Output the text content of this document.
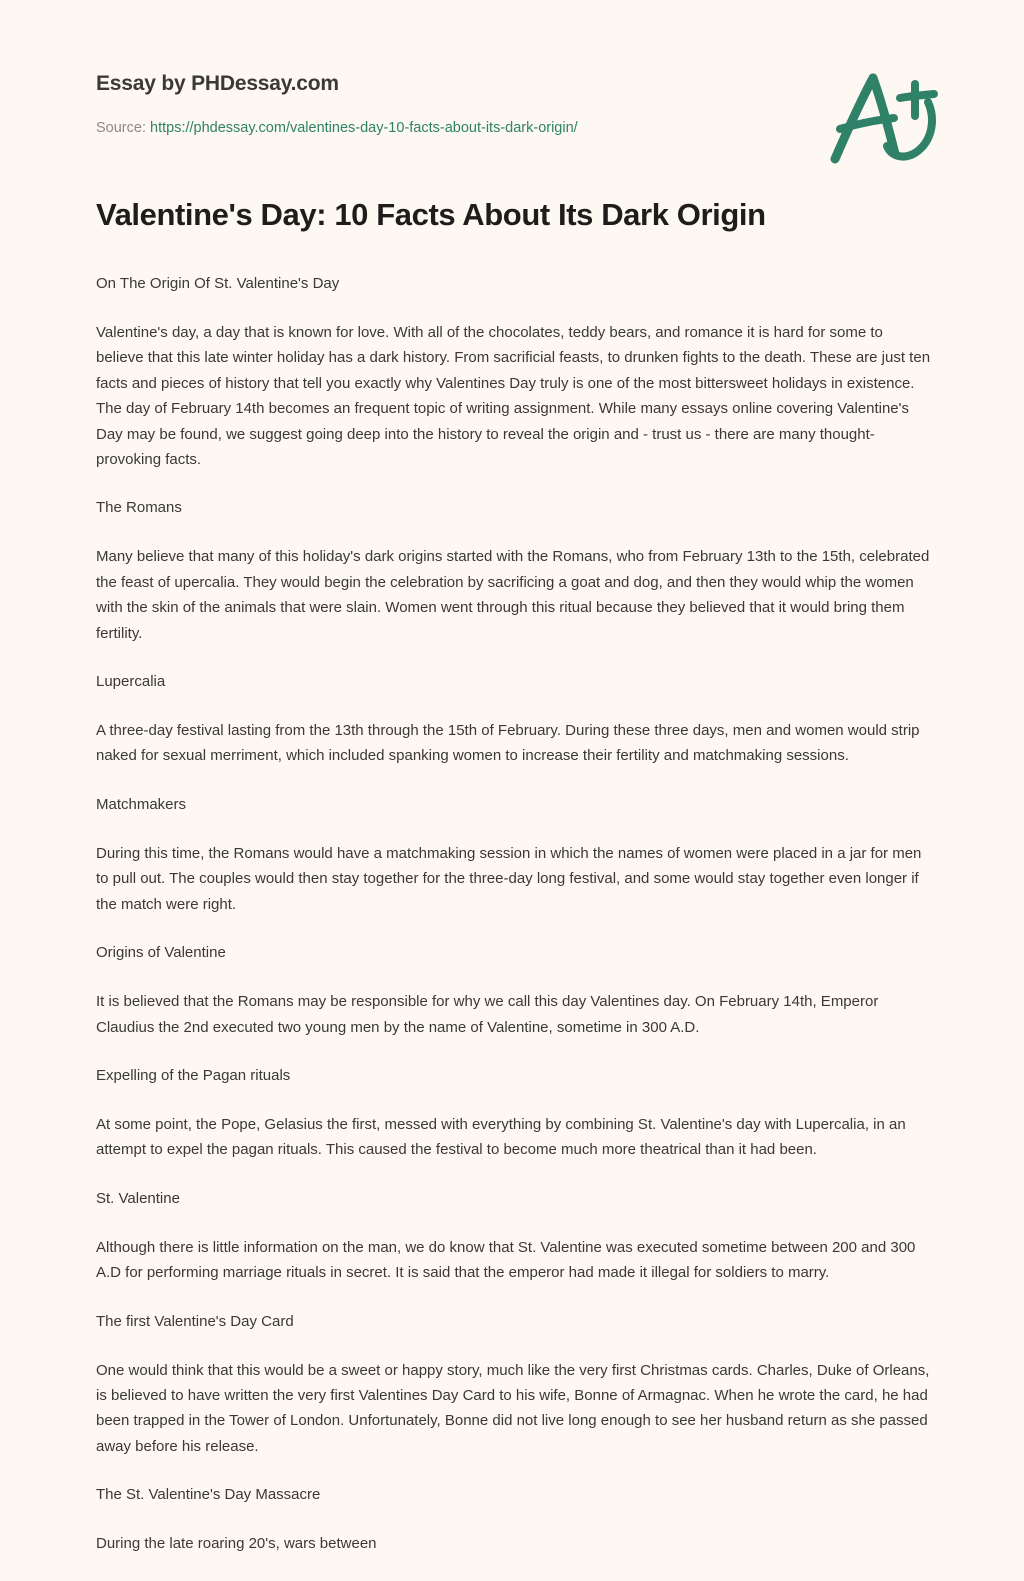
Essay by PHDessay.com
Source: https://phdessay.com/valentines-day-10-facts-about-its-dark-origin/
Valentine's Day: 10 Facts About Its Dark Origin
On The Origin Of St. Valentine's Day

Valentine's day, a day that is known for love. With all of the chocolates, teddy bears, and romance it is hard for some to believe that this late winter holiday has a dark history. From sacrificial feasts, to drunken fights to the death. These are just ten facts and pieces of history that tell you exactly why Valentines Day truly is one of the most bittersweet holidays in existence. The day of February 14th becomes an frequent topic of writing assignment. While many essays online covering Valentine's Day may be found, we suggest going deep into the history to reveal the origin and - trust us - there are many thought-provoking facts.

The Romans

Many believe that many of this holiday's dark origins started with the Romans, who from February 13th to the 15th, celebrated the feast of upercalia. They would begin the celebration by sacrificing a goat and dog, and then they would whip the women with the skin of the animals that were slain. Women went through this ritual because they believed that it would bring them fertility.

Lupercalia

A three-day festival lasting from the 13th through the 15th of February. During these three days, men and women would strip naked for sexual merriment, which included spanking women to increase their fertility and matchmaking sessions.

Matchmakers

During this time, the Romans would have a matchmaking session in which the names of women were placed in a jar for men to pull out. The couples would then stay together for the three-day long festival, and some would stay together even longer if the match were right.

Origins of Valentine

It is believed that the Romans may be responsible for why we call this day Valentines day. On February 14th, Emperor Claudius the 2nd executed two young men by the name of Valentine, sometime in 300 A.D.

Expelling of the Pagan rituals

At some point, the Pope, Gelasius the first, messed with everything by combining St. Valentine's day with Lupercalia, in an attempt to expel the pagan rituals. This caused the festival to become much more theatrical than it had been.

St. Valentine

Although there is little information on the man, we do know that St. Valentine was executed sometime between 200 and 300 A.D for performing marriage rituals in secret. It is said that the emperor had made it illegal for soldiers to marry.

The first Valentine's Day Card

One would think that this would be a sweet or happy story, much like the very first Christmas cards. Charles, Duke of Orleans, is believed to have written the very first Valentines Day Card to his wife, Bonne of Armagnac. When he wrote the card, he had been trapped in the Tower of London. Unfortunately, Bonne did not live long enough to see her husband return as she passed away before his release.

The St. Valentine's Day Massacre

During the late roaring 20's, wars between
